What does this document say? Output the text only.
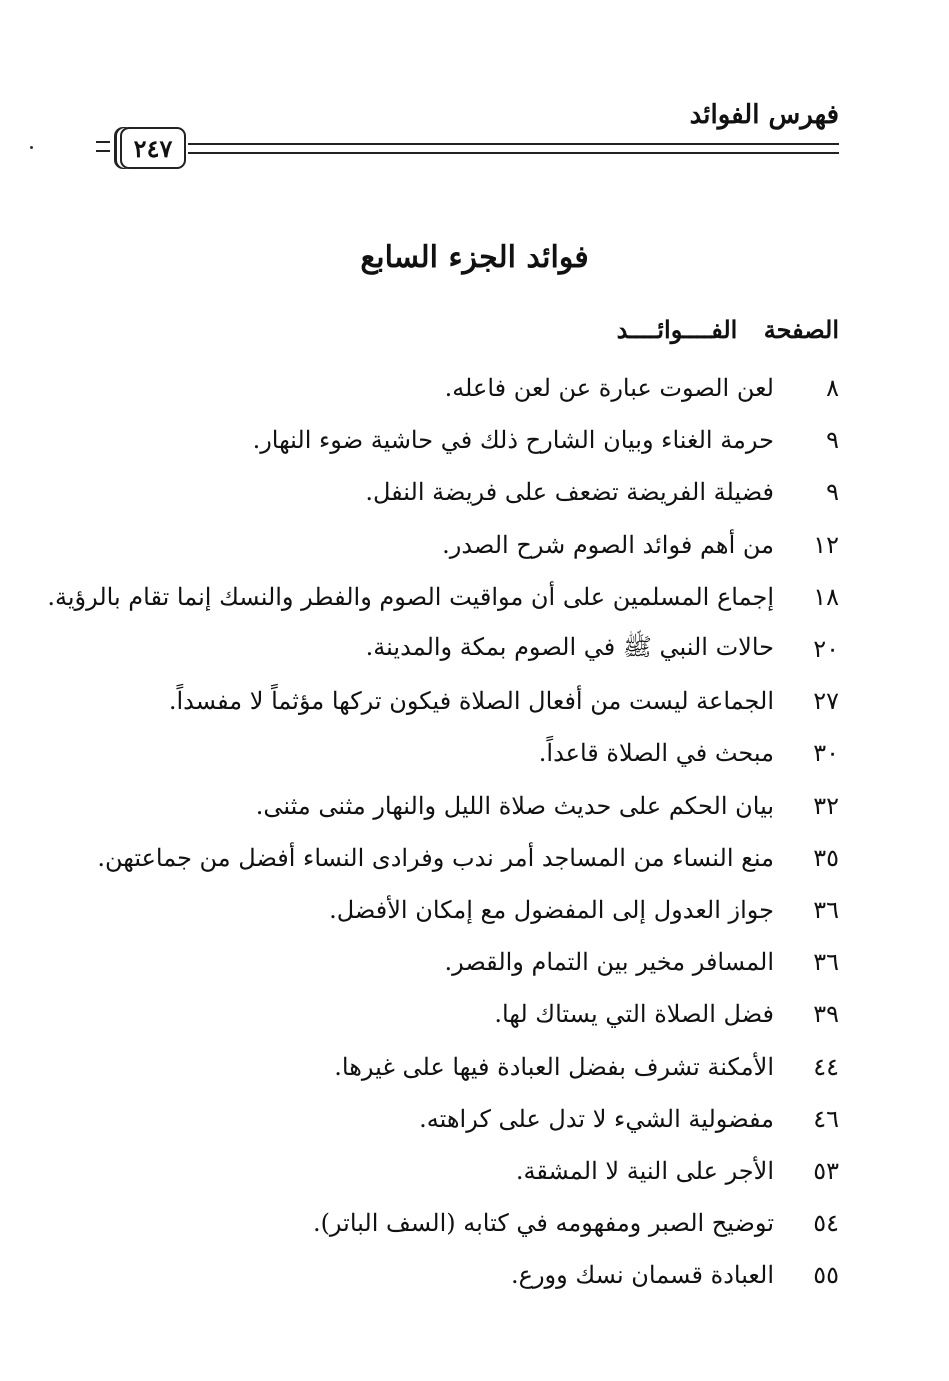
فهرس الفوائد
٢٤٧
فوائد الجزء السابع
الصفحة الفــــوائــــد
٨
لعن الصوت عبارة عن لعن فاعله.
٩
حرمة الغناء وبيان الشارح ذلك في حاشية ضوء النهار.
٩
فضيلة الفريضة تضعف على فريضة النفل.
١٢
من أهم فوائد الصوم شرح الصدر.
١٨
إجماع المسلمين على أن مواقيت الصوم والفطر والنسك إنما تقام بالرؤية.
٢٠
حالات النبي ﷺ في الصوم بمكة والمدينة.
٢٧
الجماعة ليست من أفعال الصلاة فيكون تركها مؤثماً لا مفسداً.
٣٠
مبحث في الصلاة قاعداً.
٣٢
بيان الحكم على حديث صلاة الليل والنهار مثنى مثنى.
٣٥
منع النساء من المساجد أمر ندب وفرادى النساء أفضل من جماعتهن.
٣٦
جواز العدول إلى المفضول مع إمكان الأفضل.
٣٦
المسافر مخير بين التمام والقصر.
٣٩
فضل الصلاة التي يستاك لها.
٤٤
الأمكنة تشرف بفضل العبادة فيها على غيرها.
٤٦
مفضولية الشيء لا تدل على كراهته.
٥٣
الأجر على النية لا المشقة.
٥٤
توضيح الصبر ومفهومه في كتابه (السف الباتر).
٥٥
العبادة قسمان نسك وورع.
